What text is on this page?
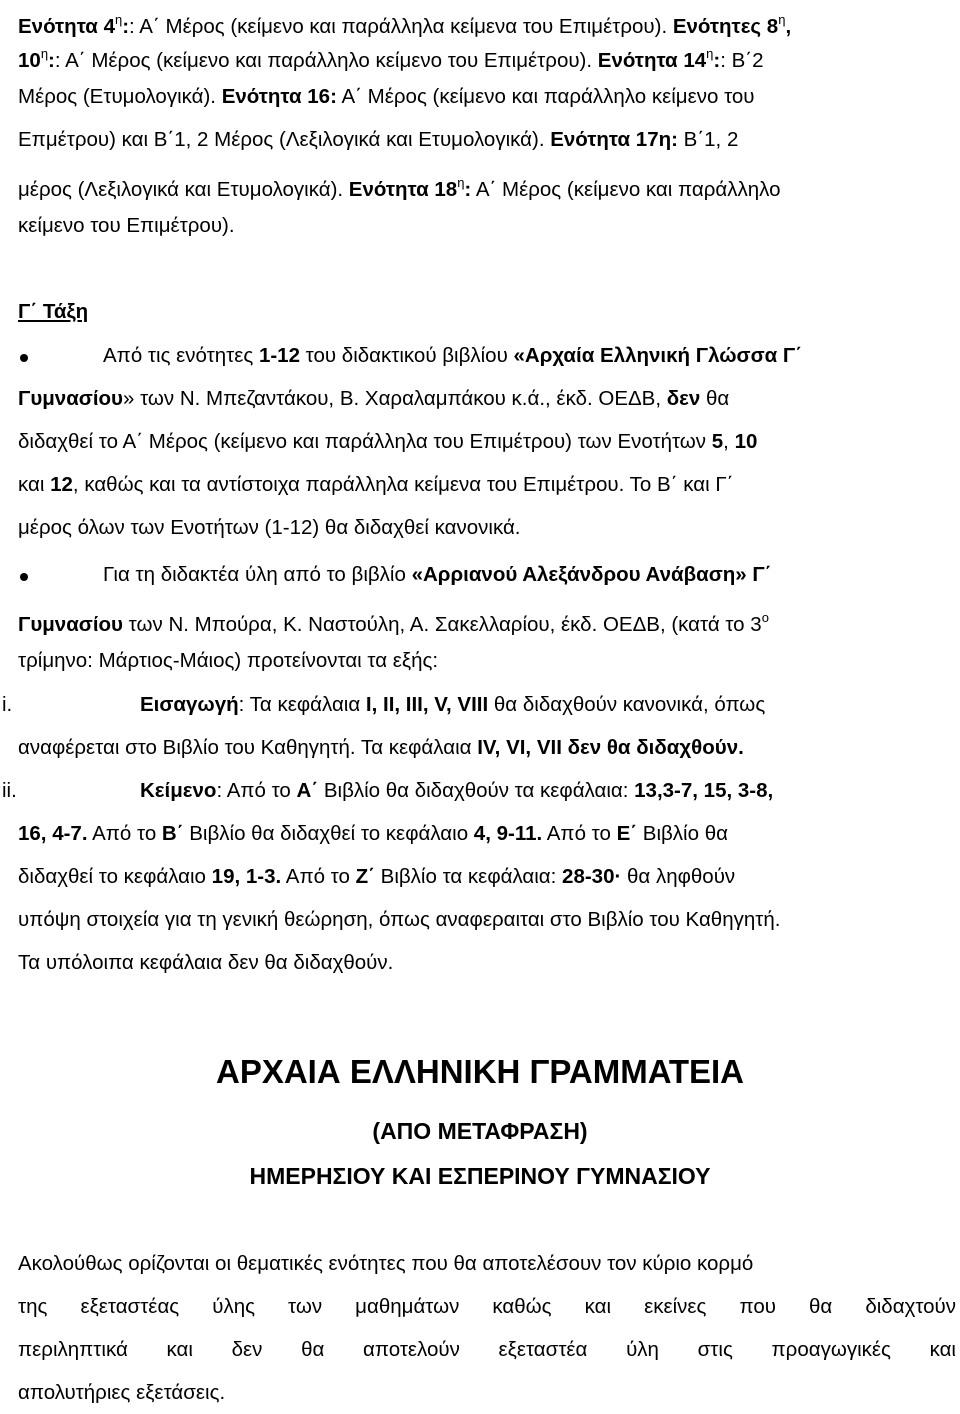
Ενότητα $4^\eta$:: Α΄ Μέρος (κείμενο και παράλληλα κείμενα του Επιμέτρου). Ενότητες $8^\eta$,

$10^\eta$:: Α΄ Μέρος (κείμενο και παράλληλο κείμενο του Επιμέτρου). Ενότητα $14^\eta$:: Β΄2

Μέρος (Ετυμολογικά). Ενότητα 16: Α΄ Μέρος (κείμενο και παράλληλο κείμενο του

Επμέτρου) και Β΄1, 2 Μέρος (Λεξιλογικά και Ετυμολογικά). Ενότητα 17η: Β΄1, 2

μέρος (Λεξιλογικά και Ετυμολογικά). Ενότητα $18^\eta$: Α΄ Μέρος (κείμενο και παράλληλο

κείμενο του Επιμέτρου).

Γ΄ Τάξη

Από τις ενότητες 1-12 του διδακτικού βιβλίου «Αρχαία Ελληνική Γλώσσα Γ΄

Γυμνασίου» των Ν. Μπεζαντάκου, Β. Χαραλαμπάκου κ.ά., έκδ. ΟΕΔΒ, δεν θα

διδαχθεί το Α΄ Μέρος (κείμενο και παράλληλα του Επιμέτρου) των Ενοτήτων 5, 10

και 12, καθώς και τα αντίστοιχα παράλληλα κείμενα του Επιμέτρου. Το Β΄ και Γ΄

μέρος όλων των Ενοτήτων (1-12) θα διδαχθεί κανονικά.

Για τη διδακτέα ύλη από το βιβλίο «Αρριανού Αλεξάνδρου Ανάβαση» Γ΄

Γυμνασίου των Ν. Μπούρα, Κ. Ναστούλη, Α. Σακελλαρίου, έκδ. ΟΕΔΒ, (κατά το $3^o$

τρίμηνο: Μάρτιος-Μάιος) προτείνονται τα εξής:

i.	Εισαγωγή: Τα κεφάλαια Ι, ΙΙ, ΙΙΙ, V, VIII θα διδαχθούν κανονικά, όπως

αναφέρεται στο Βιβλίο του Καθηγητή. Τα κεφάλαια IV, VI, VII δεν θα διδαχθούν.

ii.	Κείμενο: Από το Α΄ Βιβλίο θα διδαχθούν τα κεφάλαια: 13,3-7, 15, 3-8,

16, 4-7. Από το Β΄ Βιβλίο θα διδαχθεί το κεφάλαιο 4, 9-11. Από το Ε΄ Βιβλίο θα

διδαχθεί το κεφάλαιο 19, 1-3. Από το Ζ΄ Βιβλίο τα κεφάλαια: 28-30· θα ληφθούν

υπόψη στοιχεία για τη γενική θεώρηση, όπως αναφεραιται στο Βιβλίο του Καθηγητή.

Τα υπόλοιπα κεφάλαια δεν θα διδαχθούν.

ΑΡΧΑΙΑ ΕΛΛΗΝΙΚΗ ΓΡΑΜΜΑΤΕΙΑ

(ΑΠΟ ΜΕΤΑΦΡΑΣΗ)

ΗΜΕΡΗΣΙΟΥ ΚΑΙ ΕΣΠΕΡΙΝΟΥ ΓΥΜΝΑΣΙΟΥ

Ακολούθως ορίζονται οι θεματικές ενότητες που θα αποτελέσουν τον κύριο κορμό

της εξεταστέας ύλης των μαθημάτων καθώς και εκείνες που θα διδαχτούν

περιληπτικά και δεν θα αποτελούν εξεταστέα ύλη στις προαγωγικές και

απολυτήριες εξετάσεις.
